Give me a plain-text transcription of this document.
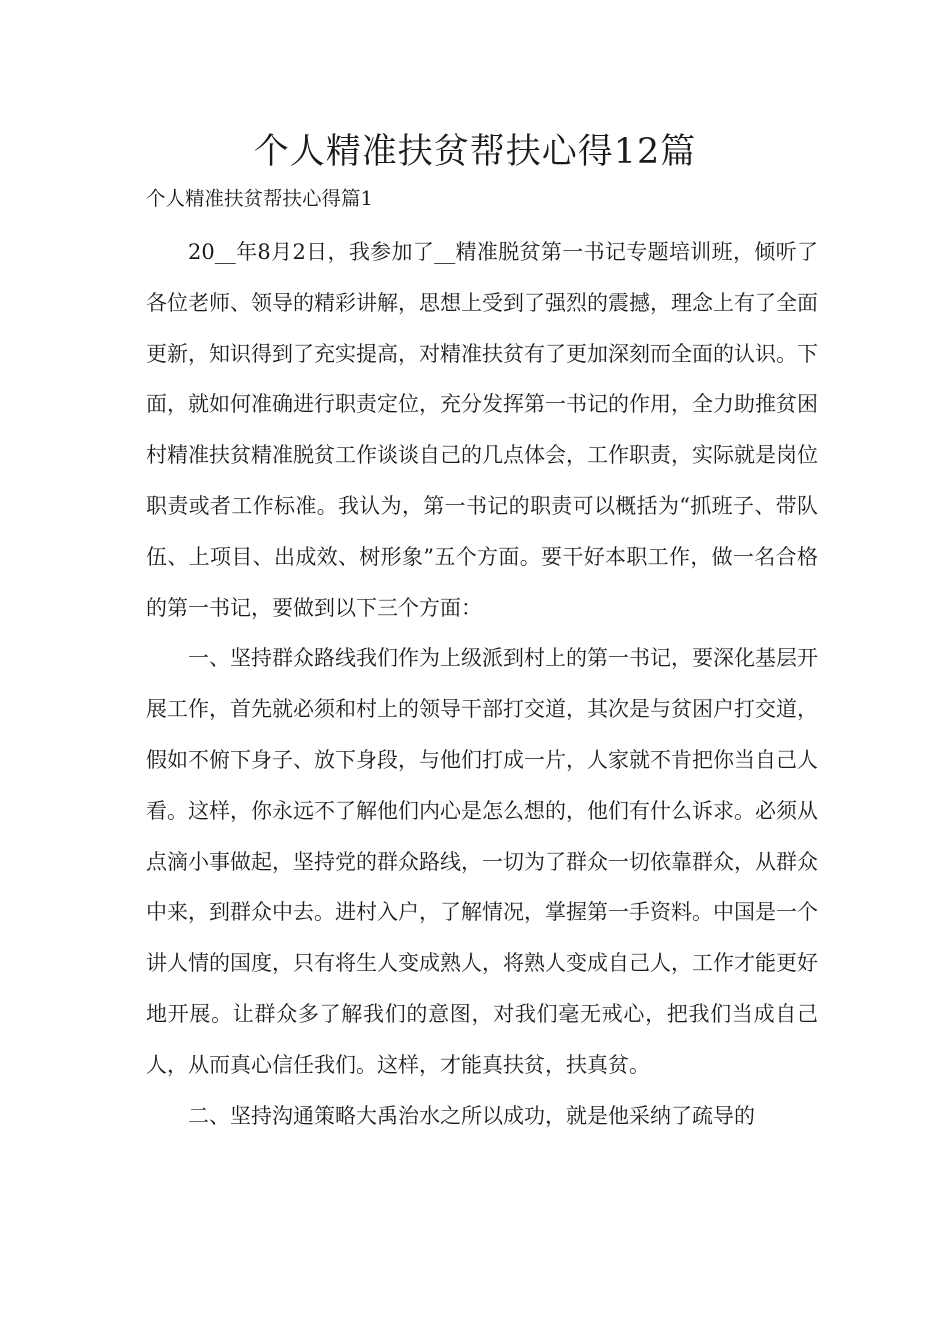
个人精准扶贫帮扶心得12篇

个人精准扶贫帮扶心得篇1

20__年8月2日，我参加了__精准脱贫第一书记专题培训班，倾听了各位老师、领导的精彩讲解，思想上受到了强烈的震撼，理念上有了全面更新，知识得到了充实提高，对精准扶贫有了更加深刻而全面的认识。下面，就如何准确进行职责定位，充分发挥第一书记的作用，全力助推贫困村精准扶贫精准脱贫工作谈谈自己的几点体会，工作职责，实际就是岗位职责或者工作标准。我认为，第一书记的职责可以概括为“抓班子、带队伍、上项目、出成效、树形象”五个方面。要干好本职工作，做一名合格的第一书记，要做到以下三个方面：

一、坚持群众路线我们作为上级派到村上的第一书记，要深化基层开展工作，首先就必须和村上的领导干部打交道，其次是与贫困户打交道，假如不俯下身子、放下身段，与他们打成一片，人家就不肯把你当自己人看。这样，你永远不了解他们内心是怎么想的，他们有什么诉求。必须从点滴小事做起，坚持党的群众路线，一切为了群众一切依靠群众，从群众中来，到群众中去。进村入户，了解情况，掌握第一手资料。中国是一个讲人情的国度，只有将生人变成熟人，将熟人变成自己人，工作才能更好地开展。让群众多了解我们的意图，对我们毫无戒心，把我们当成自己人，从而真心信任我们。这样，才能真扶贫，扶真贫。

二、坚持沟通策略大禹治水之所以成功，就是他采纳了疏导的
